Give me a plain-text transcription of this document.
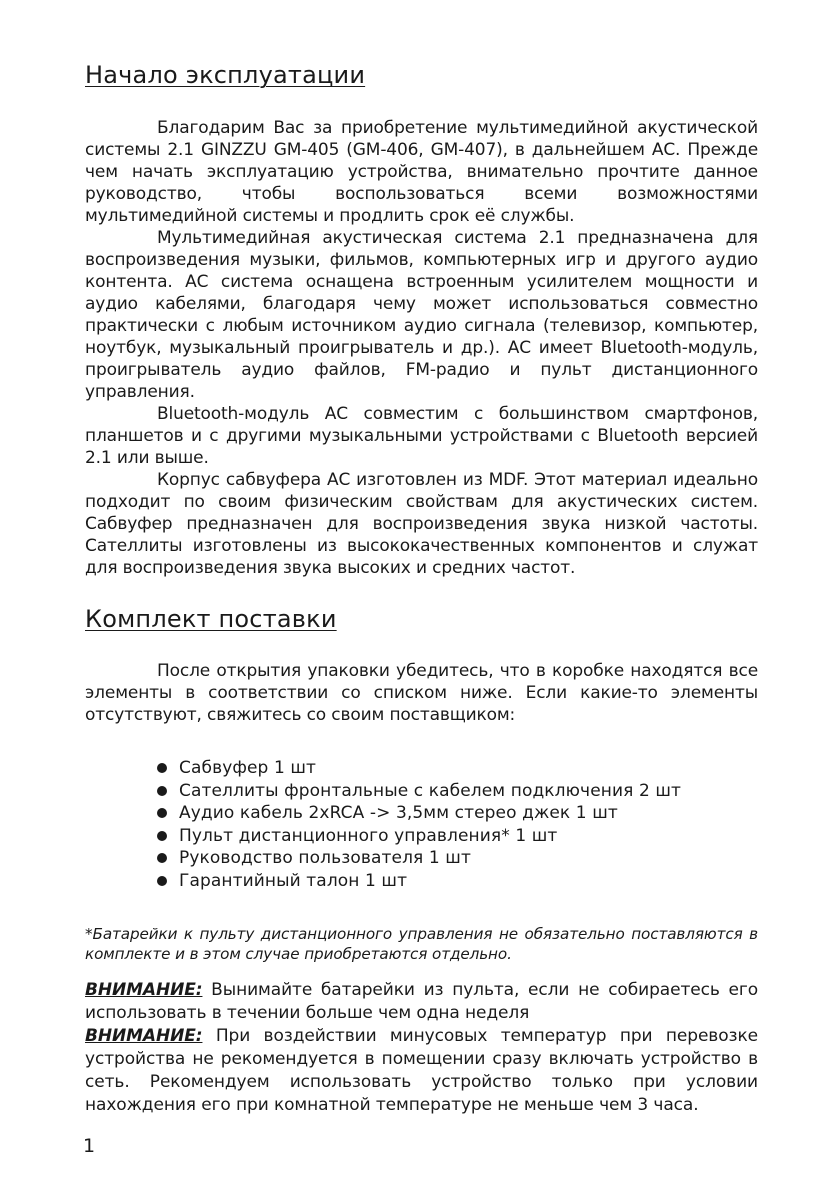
Начало эксплуатации

Благодарим Вас за приобретение мультимедийной акустической системы 2.1 GINZZU GM-405 (GM-406, GM-407), в дальнейшем АС. Прежде чем начать эксплуатацию устройства, внимательно прочтите данное руководство, чтобы воспользоваться всеми возможностями мультимедийной системы и продлить срок её службы.

Мультимедийная акустическая система 2.1 предназначена для воспроизведения музыки, фильмов, компьютерных игр и другого аудио контента. АС система оснащена встроенным усилителем мощности и аудио кабелями, благодаря чему может использоваться совместно практически с любым источником аудио сигнала (телевизор, компьютер, ноутбук, музыкальный проигрыватель и др.). АС имеет Bluetooth-модуль, проигрыватель аудио файлов, FM-радио и пульт дистанционного управления.

Bluetooth-модуль АС совместим с большинством смартфонов, планшетов и с другими музыкальными устройствами с Bluetooth версией 2.1 или выше.

Корпус сабвуфера АС изготовлен из MDF. Этот материал идеально подходит по своим физическим свойствам для акустических систем. Сабвуфер предназначен для воспроизведения звука низкой частоты. Сателлиты изготовлены из высококачественных компонентов и служат для воспроизведения звука высоких и средних частот.

Комплект поставки

После открытия упаковки убедитесь, что в коробке находятся все элементы в соответствии со списком ниже. Если какие-то элементы отсутствуют, свяжитесь со своим поставщиком:

Сабвуфер 1 шт
Сателлиты фронтальные с кабелем подключения 2 шт
Аудио кабель 2xRCA -> 3,5мм стерео джек 1 шт
Пульт дистанционного управления* 1 шт
Руководство пользователя 1 шт
Гарантийный талон 1 шт

*Батарейки к пульту дистанционного управления не обязательно поставляются в комплекте и в этом случае приобретаются отдельно.

ВНИМАНИЕ: Вынимайте батарейки из пульта, если не собираетесь его использовать в течении больше чем одна неделя

ВНИМАНИЕ: При воздействии минусовых температур при перевозке устройства не рекомендуется в помещении сразу включать устройство в сеть. Рекомендуем использовать устройство только при условии нахождения его при комнатной температуре не меньше чем 3 часа.

1
